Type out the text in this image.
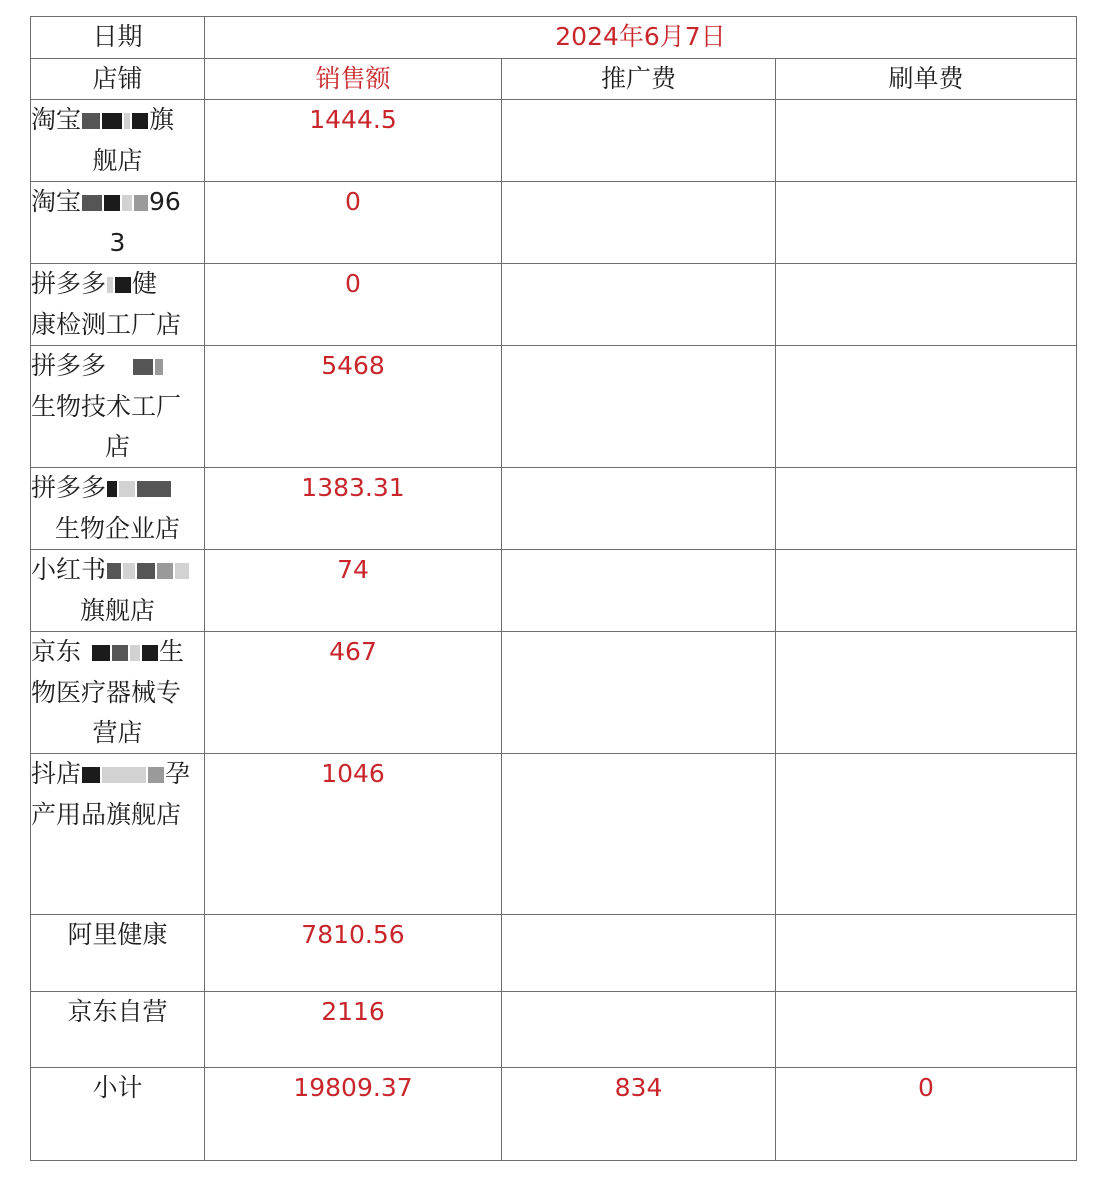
日期	2024年6月7日		
店铺	销售额	推广费	刷单费

淘宝 旗
舰店	1444.5		

淘宝 96
3	0		

拼多多 健
康检测工厂店	0		

拼多多
生物技术工厂
店	5468		

拼多多
生物企业店	1383.31		

小红书
旗舰店	74		

京东 生
物医疗器械专
营店	467		

抖店 孕
产用品旗舰店	1046		

阿里健康	7810.56		

京东自营	2116		
小计	19809.37	834	0
